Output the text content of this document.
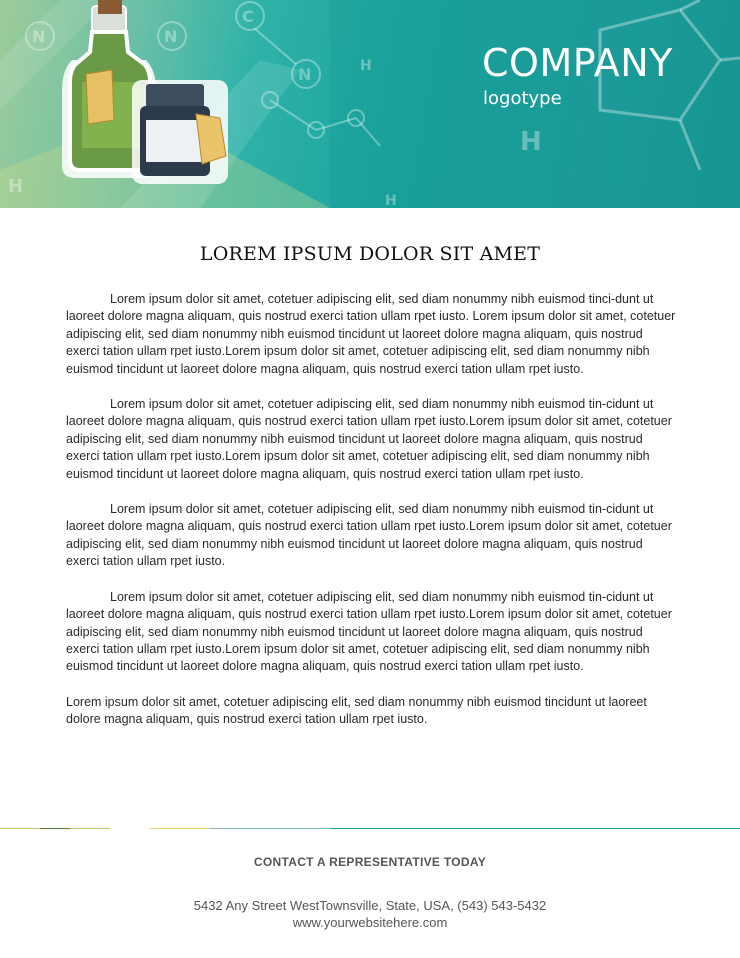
N	N
C
N
H
H
H
H
COMPANY
logotype
LOREM IPSUM DOLOR SIT AMET

Lorem ipsum dolor sit amet, cotetuer adipiscing elit, sed diam nonummy nibh euismod tinci-dunt ut laoreet dolore magna aliquam, quis nostrud exerci tation ullam rpet iusto. Lorem ipsum dolor sit amet, cotetuer adipiscing elit, sed diam nonummy nibh euismod tincidunt ut laoreet dolore magna aliquam, quis nostrud exerci tation ullam rpet iusto.Lorem ipsum dolor sit amet, cotetuer adipiscing elit, sed diam nonummy nibh euismod tincidunt ut laoreet dolore magna aliquam, quis nostrud exerci tation ullam rpet iusto.

Lorem ipsum dolor sit amet, cotetuer adipiscing elit, sed diam nonummy nibh euismod tin-cidunt ut laoreet dolore magna aliquam, quis nostrud exerci tation ullam rpet iusto.Lorem ipsum dolor sit amet, cotetuer adipiscing elit, sed diam nonummy nibh euismod tincidunt ut laoreet dolore magna aliquam, quis nostrud exerci tation ullam rpet iusto.Lorem ipsum dolor sit amet, cotetuer adipiscing elit, sed diam nonummy nibh euismod tincidunt ut laoreet dolore magna aliquam, quis nostrud exerci tation ullam rpet iusto.

Lorem ipsum dolor sit amet, cotetuer adipiscing elit, sed diam nonummy nibh euismod tin-cidunt ut laoreet dolore magna aliquam, quis nostrud exerci tation ullam rpet iusto.Lorem ipsum dolor sit amet, cotetuer adipiscing elit, sed diam nonummy nibh euismod tincidunt ut laoreet dolore magna aliquam, quis nostrud exerci tation ullam rpet iusto.

Lorem ipsum dolor sit amet, cotetuer adipiscing elit, sed diam nonummy nibh euismod tin-cidunt ut laoreet dolore magna aliquam, quis nostrud exerci tation ullam rpet iusto.Lorem ipsum dolor sit amet, cotetuer adipiscing elit, sed diam nonummy nibh euismod tincidunt ut laoreet dolore magna aliquam, quis nostrud exerci tation ullam rpet iusto.Lorem ipsum dolor sit amet, cotetuer adipiscing elit, sed diam nonummy nibh euismod tincidunt ut laoreet dolore magna aliquam, quis nostrud exerci tation ullam rpet iusto.

Lorem ipsum dolor sit amet, cotetuer adipiscing elit, sed diam nonummy nibh euismod tincidunt ut laoreet dolore magna aliquam, quis nostrud exerci tation ullam rpet iusto.

CONTACT A REPRESENTATIVE TODAY
5432 Any Street WestTownsville, State, USA, (543) 543-5432
www.yourwebsitehere.com
